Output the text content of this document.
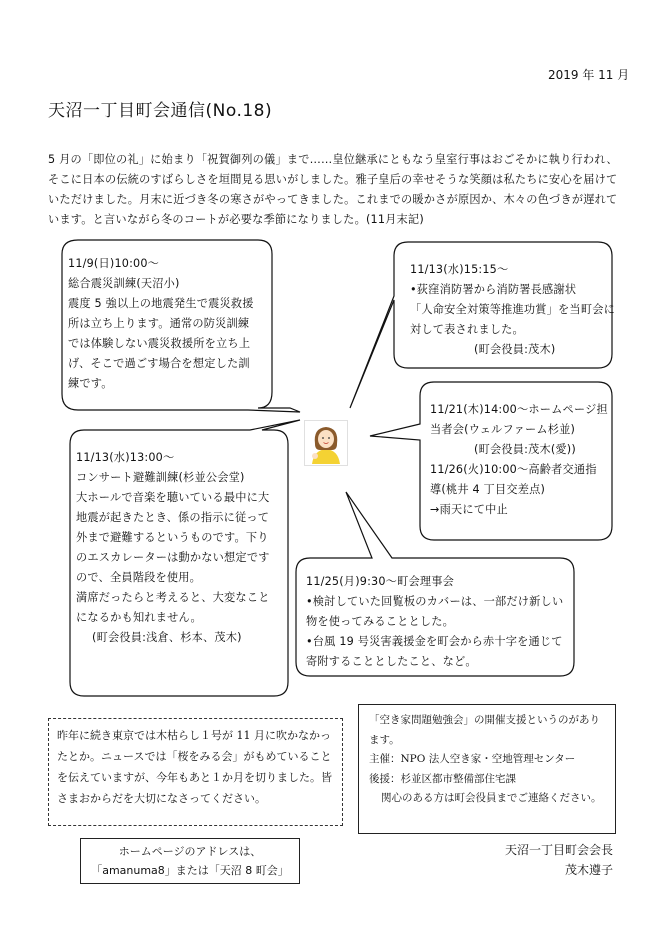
2019 年 11 月
天沼一丁目町会通信(No.18)

5 月の「即位の礼」に始まり「祝賀御列の儀」まで……皇位継承にともなう皇室行事はおごそかに執り行われ、そこに日本の伝統のすばらしさを垣間見る思いがしました。雅子皇后の幸せそうな笑顔は私たちに安心を届けていただけました。月末に近づき冬の寒さがやってきました。これまでの暖かさが原因か、木々の色づきが遅れています。と言いながら冬のコートが必要な季節になりました。(11月末記)

11/9(日)10:00～
総合震災訓練(天沼小)
震度 5 強以上の地震発生で震災救援所は立ち上ります。通常の防災訓練では体験しない震災救援所を立ち上げ、そこで過ごす場合を想定した訓練です。
11/13(水)15:15～
•荻窪消防署から消防署長感謝状
「人命安全対策等推進功賞」を当町会に対して表されました。
(町会役員:茂木)
11/21(木)14:00～ホームページ担当者会(ウェルファーム杉並)
(町会役員:茂木(愛))
11/26(火)10:00～高齢者交通指導(桃井 4 丁目交差点)
→雨天にて中止
11/13(水)13:00～
コンサート避難訓練(杉並公会堂)
大ホールで音楽を聴いている最中に大地震が起きたとき、係の指示に従って外まで避難するというものです。下りのエスカレーターは動かない想定ですので、全員階段を使用。
満席だったらと考えると、大変なことになるかも知れません。
(町会役員:浅倉、杉本、茂木)
11/25(月)9:30～町会理事会
•検討していた回覧板のカバーは、一部だけ新しい物を使ってみることとした。
•台風 19 号災害義援金を町会から赤十字を通じて寄附することとしたこと、など。
昨年に続き東京では木枯らし１号が 11 月に吹かなかったとか。ニュースでは「桜をみる会」がもめていることを伝えていますが、今年もあと１か月を切りました。皆さまおからだを大切になさってください。
「空き家問題勉強会」の開催支援というのがあります。
主催：NPO 法人空き家・空地管理センター
後援：杉並区都市整備部住宅課
関心のある方は町会役員までご連絡ください。
ホームページのアドレスは、
「amanuma8」または「天沼 8 町会」
天沼一丁目町会会長
茂木遵子
